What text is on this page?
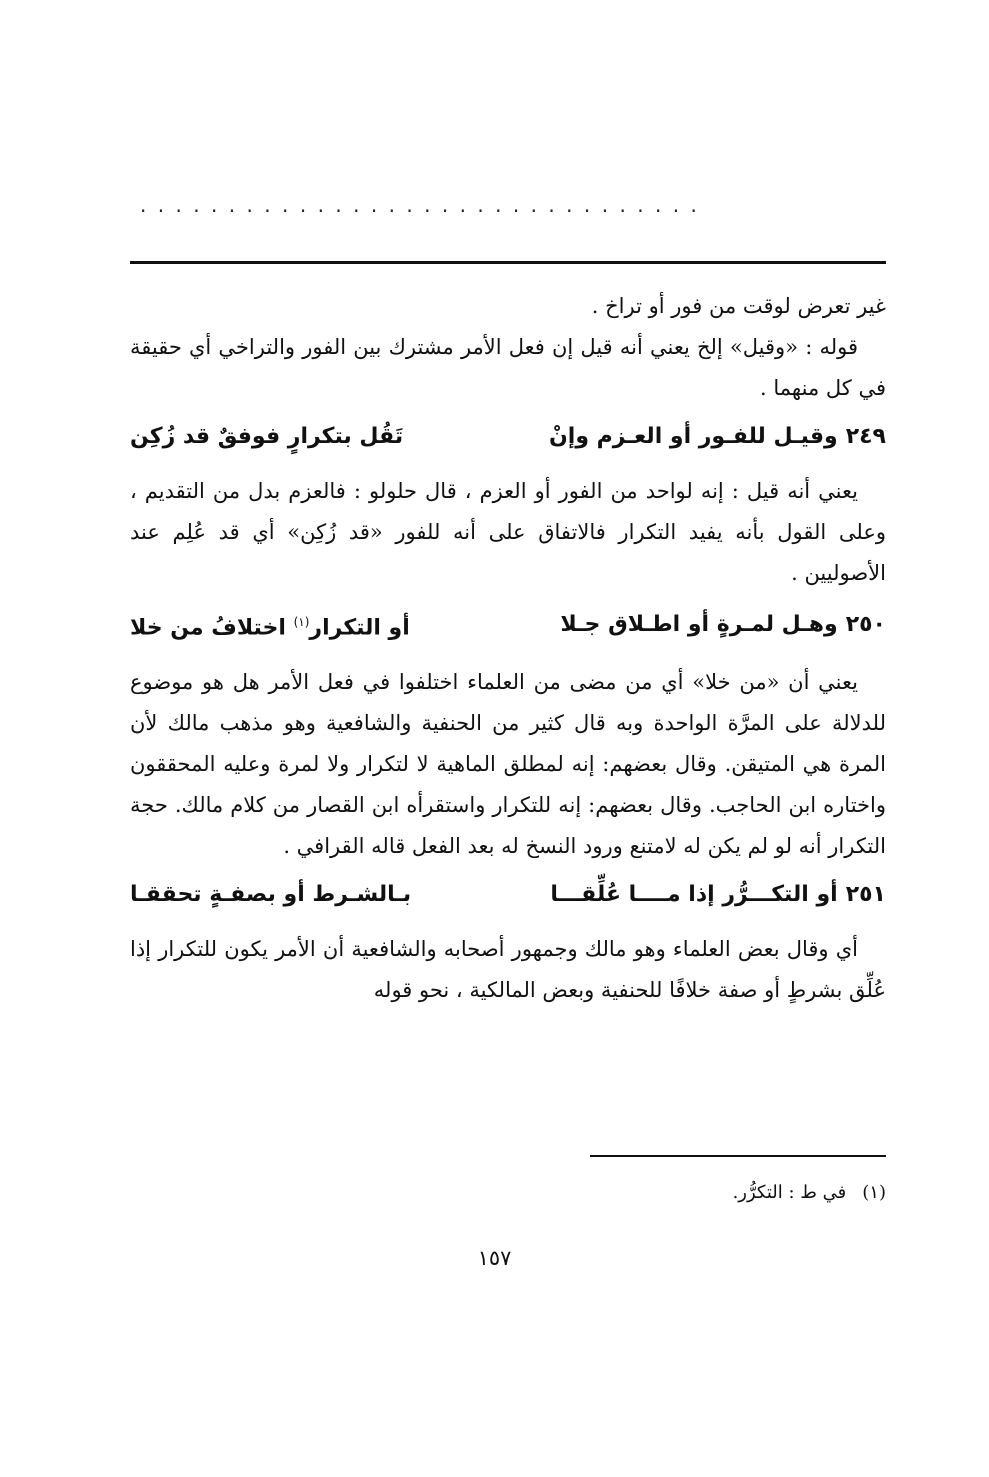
................................

غير تعرض لوقت من فور أو تراخ .

قوله : «وقيل» إلخ يعني أنه قيل إن فعل الأمر مشترك بين الفور والتراخي أي حقيقة في كل منهما .

٢٤٩وقيـل للفـور أو العـزم وإنْ
تَقُل بتكرارٍ فوفقٌ قد زُكِن

يعني أنه قيل : إنه لواحد من الفور أو العزم ، قال حلولو : فالعزم بدل من التقديم ، وعلى القول بأنه يفيد التكرار فالاتفاق على أنه للفور «قد زُكِن» أي قد عُلِم عند الأصوليين .

٢٥٠وهـل لمـرةٍ أو اطـلاق جـلا
أو التكرار$^{(١)}$ اختلافُ من خلا

يعني أن «من خلا» أي من مضى من العلماء اختلفوا في فعل الأمر هل هو موضوع للدلالة على المرَّة الواحدة وبه قال كثير من الحنفية والشافعية وهو مذهب مالك لأن المرة هي المتيقن. وقال بعضهم: إنه لمطلق الماهية لا لتكرار ولا لمرة وعليه المحققون واختاره ابن الحاجب. وقال بعضهم: إنه للتكرار واستقرأه ابن القصار من كلام مالك. حجة التكرار أنه لو لم يكن له لامتنع ورود النسخ له بعد الفعل قاله القرافي .

٢٥١أو التكـــرُّر إذا مــــا عُلِّقـــا
بـالشـرط أو بصفـةٍ تحققـا

أي وقال بعض العلماء وهو مالك وجمهور أصحابه والشافعية أن الأمر يكون للتكرار إذا عُلِّق بشرطٍ أو صفة خلافًا للحنفية وبعض المالكية ، نحو قوله

(١)في ط : التكرُّر.
١٥٧
